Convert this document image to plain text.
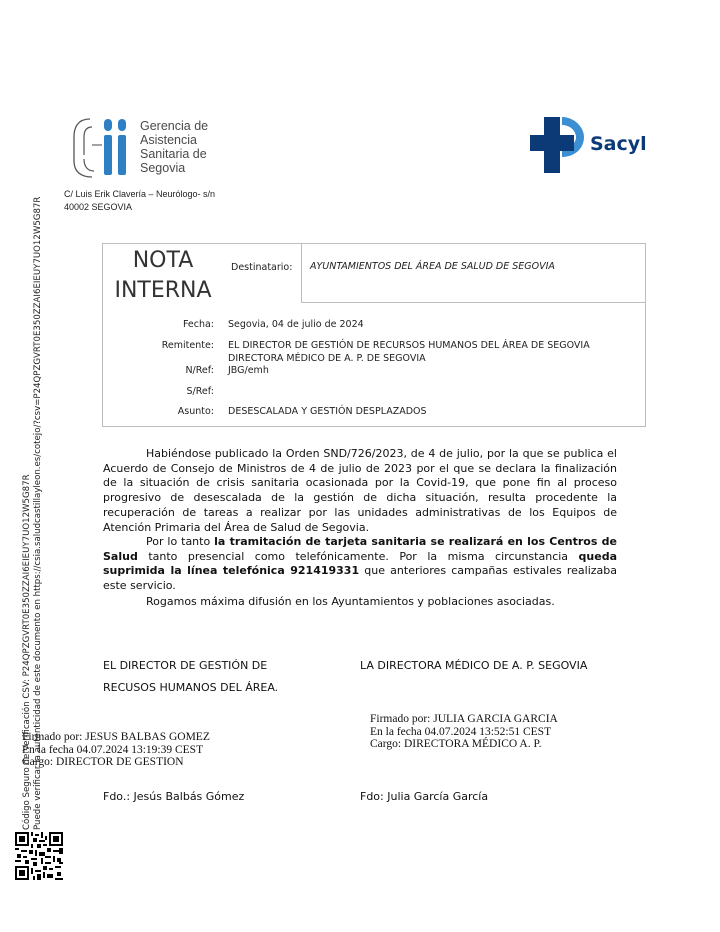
Gerencia de
Asistencia
Sanitaria de
Segovia
Sacyl
C/ Luis Erik Clavería – Neurólogo- s/n
40002 SEGOVIA
NOTA
INTERNA
Destinatario: AYUNTAMIENTOS DEL ÁREA DE SALUD DE SEGOVIA
Fecha: Segovia, 04 de julio de 2024
Remitente: EL DIRECTOR DE GESTIÓN DE RECURSOS HUMANOS DEL ÁREA DE SEGOVIA
DIRECTORA MÉDICO DE A. P. DE SEGOVIA
N/Ref: JBG/emh
S/Ref:
Asunto: DESESCALADA Y GESTIÓN DESPLAZADOS
Habiéndose publicado la Orden SND/726/2023, de 4 de julio, por la que se publica el Acuerdo de Consejo de Ministros de 4 de julio de 2023 por el que se declara la finalización de la situación de crisis sanitaria ocasionada por la Covid-19, que pone fin al proceso progresivo de desescalada de la gestión de dicha situación, resulta procedente la recuperación de tareas a realizar por las unidades administrativas de los Equipos de Atención Primaria del Área de Salud de Segovia.
Por lo tanto la tramitación de tarjeta sanitaria se realizará en los Centros de Salud tanto presencial como telefónicamente. Por la misma circunstancia queda suprimida la línea telefónica 921419331 que anteriores campañas estivales realizaba este servicio.
Rogamos máxima difusión en los Ayuntamientos y poblaciones asociadas.
EL DIRECTOR DE GESTIÓN DE
RECUSOS HUMANOS DEL ÁREA.
LA DIRECTORA MÉDICO DE A. P. SEGOVIA
Firmado por: JULIA GARCIA GARCIA
En la fecha 04.07.2024 13:52:51 CEST
Cargo: DIRECTORA MÉDICO A. P.
Firmado por: JESUS BALBAS GOMEZ
En la fecha 04.07.2024 13:19:39 CEST
Cargo: DIRECTOR DE GESTION
Fdo.: Jesús Balbás Gómez	Fdo: Julia García García
Código Seguro de Verificación CSV: P24QPZGVRT0E350ZZAI6EIEUY7UO12W5G87R Puede verificar la autenticidad de este documento en https://csia.saludcastillayleon.es/cotejo/?csv=P24QPZGVRT0E350ZZAI6EIEUY7UO12W5G87R
